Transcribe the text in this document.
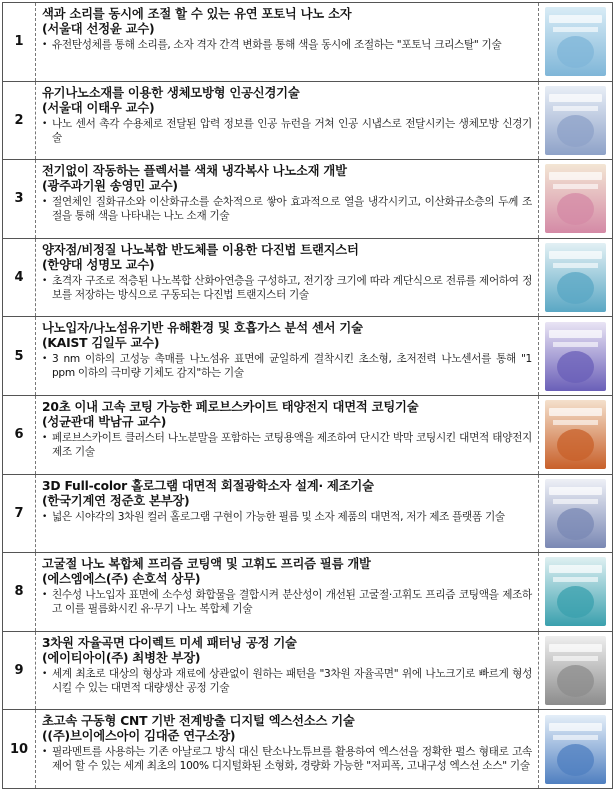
1
색과 소리를 동시에 조절 할 수 있는 유연 포토닉 나노 소자
(서울대 선정윤 교수)
• 유전탄성체를 통해 소리를, 소자 격자 간격 변화를 통해 색을 동시에 조절하는 "포토닉 크리스탈" 기술
2
유기나노소재를 이용한 생체모방형 인공신경기술
(서울대 이태우 교수)
• 나노 센서 촉각 수용체로 전달된 압력 정보를 인공 뉴런을 거쳐 인공 시냅스로 전달시키는 생체모방 신경기술
3
전기없이 작동하는 플렉서블 색채 냉각복사 나노소재 개발
(광주과기원 송영민 교수)
• 절연체인 질화규소와 이산화규소를 순차적으로 쌓아 효과적으로 열을 냉각시키고, 이산화규소층의 두께 조절을 통해 색을 나타내는 나노 소재 기술
4
양자점/비정질 나노복합 반도체를 이용한 다진법 트랜지스터
(한양대 성명모 교수)
• 초격자 구조로 적층된 나노복합 산화아연층을 구성하고, 전기장 크기에 따라 계단식으로 전류를 제어하여 정보를 저장하는 방식으로 구동되는 다진법 트랜지스터 기술
5
나노입자/나노섬유기반 유해환경 및 호흡가스 분석 센서 기술
(KAIST 김일두 교수)
• 3 nm 이하의 고성능 촉매를 나노섬유 표면에 균일하게 결착시킨 초소형, 초저전력 나노센서를 통해 "1 ppm 이하의 극미량 기체도 감지"하는 기술
6
20초 이내 고속 코팅 가능한 페로브스카이트 태양전지 대면적 코팅기술
(성균관대 박남규 교수)
• 페로브스카이트 클러스터 나노분말을 포함하는 코팅용액을 제조하여 단시간 박막 코팅시킨 대면적 태양전지 제조 기술
7
3D Full-color 홀로그램 대면적 회절광학소자 설계· 제조기술
(한국기계연 정준호 본부장)
• 넓은 시야각의 3차원 컬러 홀로그램 구현이 가능한 필름 및 소자 제품의 대면적, 저가 제조 플랫폼 기술
8
고굴절 나노 복합체 프리즘 코팅액 및 고휘도 프리즘 필름 개발
(에스엠에스(주) 손호석 상무)
• 친수성 나노입자 표면에 소수성 화합물을 결합시켜 분산성이 개선된 고굴절·고휘도 프리즘 코팅액을 제조하고 이를 필름화시킨 유·무기 나노 복합체 기술
9
3차원 자율곡면 다이렉트 미세 패터닝 공정 기술
(에이티아이(주) 최병찬 부장)
• 세계 최초로 대상의 형상과 재료에 상관없이 원하는 패턴을 "3차원 자율곡면" 위에 나노크기로 빠르게 형성시킬 수 있는 대면적 대량생산 공정 기술
10
초고속 구동형 CNT 기반 전계방출 디지털 엑스선소스 기술
((주)브이에스아이 김대준 연구소장)
• 필라멘트를 사용하는 기존 아날로그 방식 대신 탄소나노튜브를 활용하여 엑스선을 정확한 펄스 형태로 고속제어 할 수 있는 세계 최초의 100% 디지털화된 소형화, 경량화 가능한 "저피폭, 고내구성 엑스선 소스" 기술
